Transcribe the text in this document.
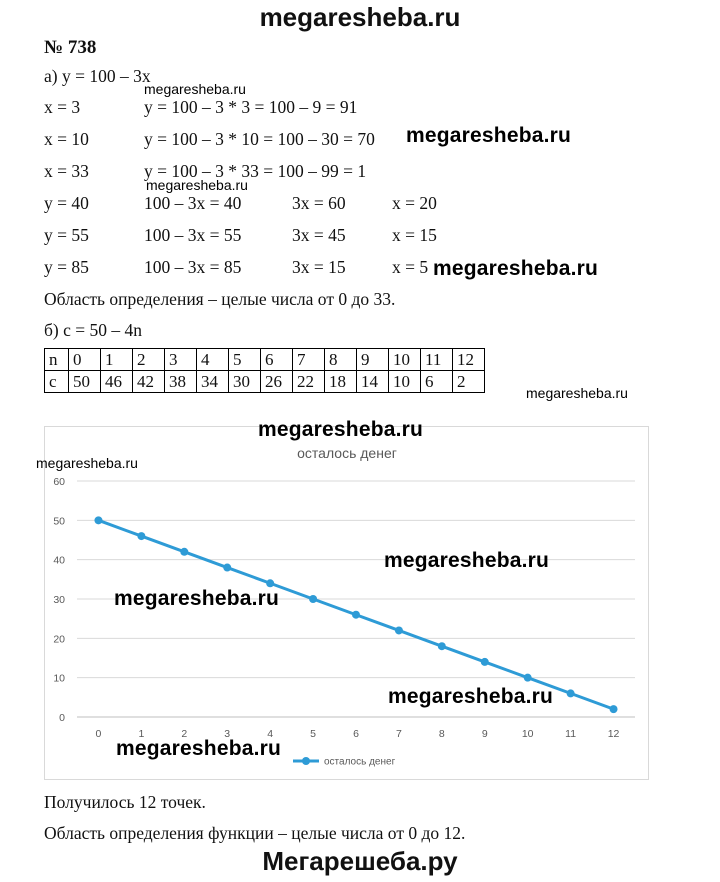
megaresheba.ru
№ 738
а) y = 100 – 3x
x = 3	y = 100 – 3 * 3 = 100 – 9 = 91
x = 10	y = 100 – 3 * 10 = 100 – 30 = 70
x = 33	y = 100 – 3 * 33 = 100 – 99 = 1
y = 40	100 – 3x = 40	3x = 60	x = 20
y = 55	100 – 3x = 55	3x = 45	x = 15
y = 85	100 – 3x = 85	3x = 15	x = 5
Область определения – целые числа от 0 до 33.
б) c = 50 – 4n
n	0	1	2	3	4	5	6	7	8	9	10	11	12
c	50	46	42	38	34	30	26	22	18	14	10	6	2
осталось денег
0
10
20
30
40
50
60
0	1	2	3	4	5	6	7	8	9	10	11	12
осталось денег
Получилось 12 точек.
Область определения функции – целые числа от 0 до 12.
megaresheba.ru
megaresheba.ru
megaresheba.ru
megaresheba.ru
megaresheba.ru
megaresheba.ru
megaresheba.ru
megaresheba.ru
megaresheba.ru
megaresheba.ru
megaresheba.ru
Мегарешеба.ру
